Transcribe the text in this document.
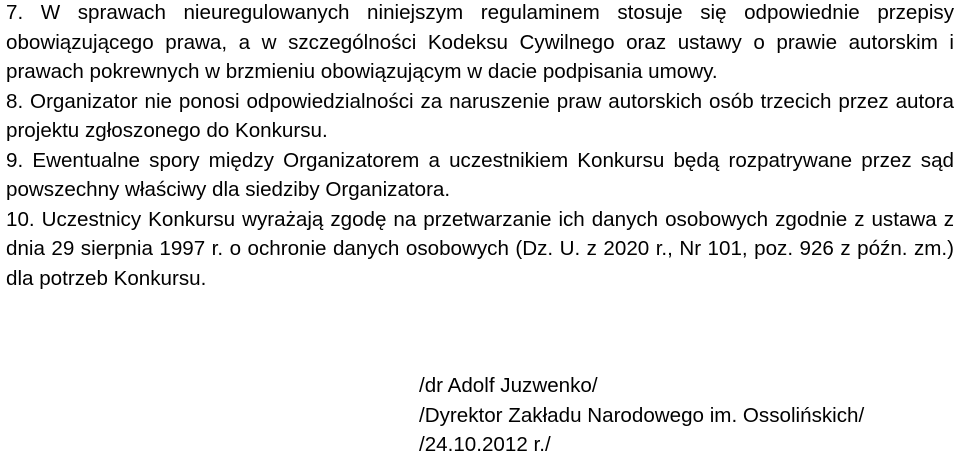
7. W sprawach nieuregulowanych niniejszym regulaminem stosuje się odpowiednie przepisy obowiązującego prawa, a w szczególności Kodeksu Cywilnego oraz ustawy o prawie autorskim i prawach pokrewnych w brzmieniu obowiązującym w dacie podpisania umowy.

8. Organizator nie ponosi odpowiedzialności za naruszenie praw autorskich osób trzecich przez autora projektu zgłoszonego do Konkursu.

9. Ewentualne spory między Organizatorem a uczestnikiem Konkursu będą rozpatrywane przez sąd powszechny właściwy dla siedziby Organizatora.

10. Uczestnicy Konkursu wyrażają zgodę na przetwarzanie ich danych osobowych zgodnie z ustawa z dnia 29 sierpnia 1997 r. o ochronie danych osobowych (Dz. U. z 2020 r., Nr 101, poz. 926 z późn. zm.) dla potrzeb Konkursu.

/dr Adolf Juzwenko/

/Dyrektor Zakładu Narodowego im. Ossolińskich/

/24.10.2012 r./
